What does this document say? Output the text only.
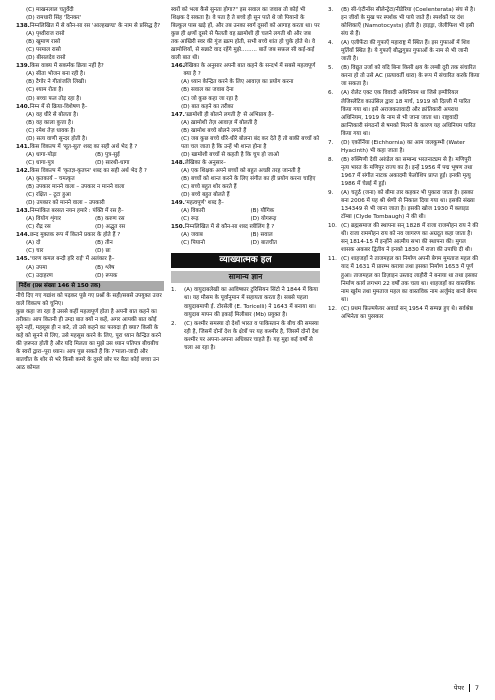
(C) माखनलाल चतुर्वेदी
(D) रामधारी सिंह 'दिनकर'
138. निम्नलिखित में से कौन-सा रस 'आल्हखण्ड' के नाम से प्रसिद्ध है?
(A) पृथ्वीराज रासो
(B) खुमाण रासो
(C) परमाल रासो
(D) बीसलदेव रासो
139. किस वाक्य में सकर्मक क्रिया नहीं है?
(A) सीता भोजन बना रही है।
(B) टैगोर ने गीतांजलि लिखी।
(C) श्याम रोता है।
(D) बच्चा फल तोड़ रहा है।
140. निम्न में से क्रिया-विशेषण है–
(A) वह धीरे से बोलता है।
(B) वह काला कुत्ता है।
(C) रमेश तेज़ धावक है।
(D) सत्य वाणी सुन्दर होती है।
141. किस विकल्प में 'सूत-सुत' शब्द का सही अर्थ भेद है ?
(A) धागा-पोड़ा	(B) पुत्र-सुई
(C) धागा-पुत्र	(D) सारथी-धागा
142. किस विकल्प में 'कृतज्ञ-कृतघ्न' शब्द का सही अर्थ भेद है ?
(A) कृतकार्य – चमत्कृत
(B) उपकार मानने वाला – उपकार न मानने वाला
(C) रक्षित – टूटा हुआ
(D) उपकार को मानने वाला – उपकारी
143. निम्नांकित बरसत नयन हमारे : पंक्ति में रस है–
(A) वियोग शृंगार	(B) करुण रस
(C) रौद्र रस	(D) अद्भुत रस
144. छन्द मुक्तक रूप में कितने प्रकार के होते हैं ?
(A) दो	(B) तीन
(C) चार	(D) छः
145. 'चरण कमल बन्दौ हरि राई' में अलंकार है–
(A) उपमा	(B) श्लेष
(C) उदाहरण	(D) रूपक
निर्देश (प्रश्न संख्या 146 से 150 तक)

नीचे दिए गए गद्यांश को पढ़कर पूछे गए प्रश्नों के सही/सबसे उपयुक्त उत्तर वाले विकल्प को चुनिए।

कुछ कहा जा रहा है उससे कहीं महत्वपूर्ण होता है अपनी बात कहने का तरीका। आप कितनी ही उम्दा बात क्यों न कहें, अगर आपकी बात कोई सुने नहीं, महसूस ही न करे, तो उसे कहने का फायदा ही क्या? किसी के कहे को सुनने से लिए, उसे महसूस करने के लिए, पूरा ध्यान केन्द्रित करने की ज़रूरत होती है और यदि मिलता का मुझे उस ध्यान पतिपत्र बीचबीच के स्वरों द्वारा–पूरा ध्यान। आप पूछ सकते हैं कि ?'माला-जादी और बातचीत के शोर से भरे किसी कमरे के दूसरे छोर पर बैठा कोई बच्चा उन आठ कोमल

स्वरों को भला कैसे सुनता होगा?" इस सवाल का जवाब तो कोई भी शिक्षक दे सकता है। वे पता है ते बच्चे ही सुन पाते थे जो पियानो के बिल्कुल पास खड़े हों, और तब उनका स्वर्ग दूसरों को आगाह करता था। पर कुछ ही क्षणों दूसरे से फैलती वह ख़ामोशी ही चलने लगती थी और जब तक आखिरी स्वर की गूंज ख़त्म होती, सभी बच्चे शांत हो चुके होते थे। वे ख़ामोशियाँ, से सन्नाटे वाद रहेंगे मुझे......... बातें जब सफ़ल सी कई-कई वाली बात थी।

146.
लेखिका के अनुसार अपनी बात कहने के सन्दर्भ में सबसे महत्वपूर्ण क्या है ?
(A) ध्यान केन्द्रित करने के लिए आवाज़ का प्रयोग करना
(B) सवाल का जवाब देना
(C) जो कुछ कहा जा रहा है
(D) बात कहने का तरीका
147. 'ख़ामोशी ही बोलने लगती है' से अभिप्राय है–
(A) ख़ामोशी तेज़ आवाज़ में बोलती है
(B) खामोश बच्चे बोलने लगते हैं
(C) जब कुछ बच्चे धीरे-धीरे बोलना बंद कर देते हैं तो बाकी बच्चों को पता चल जाता है कि उन्हें भी शान्त होना है
(D) खामोशी बच्चों से कहती है कि चुप हो जाओ
148. लेखिका के अनुसार–
(A) एक शिक्षक अपने बच्चों को बहुत अच्छी तरह जानती है
(B) बच्चों को शान्त करने के लिए संगीत का ही प्रयोग करना चाहिए
(C) बच्चे बहुत शोर करते हैं
(D) बच्चे बहुत बोलते हैं
149. 'महत्वपूर्ण' शब्द है–
(A) विकारी	(B) यौगिक
(C) रूढ़	(D) योगरूढ़
150. निम्नलिखित में से कौन-सा शब्द स्त्रीलिंग है ?
(A) जवाब	(B) सवाल
(C) पियानो	(D) बातचीत
व्याख्यात्मक हल
सामान्य ज्ञान
1.	(A) वायुदाबलेखी का आविष्कार टुरिसियन सिंटो ने 1844 में किया था। यह मौसम के पूर्वानुमान में सहायता करता है। सबसे पहला वायुदाबमापी ई. टोरसेली (E. Toricelli) ने 1643 में बनाया था। वायुदाब मापन की इकाई मिलीबार (Mb) प्रयुक्त है।
2.	(C) कश्मीर समस्या दो देशों भारत व पाकिस्तान के बीच की समस्या रही है, जिसमें दोनों देश के क्षेत्रों पर यह कश्मीर है, जिसमें दोनों देश कश्मीर पर अपना-अपना अधिकार चाहते हैं। यह मुद्दा कई वर्षों से चला आ रहा है।
3.	(B) सी-एंटीनॉस सीलेन्ट्रेटा/नीडेरिया (Coelenterata) संघ से है। इन जीवों के मुख पर स्पर्शक भी पाये जाते हैं। स्पर्शकों पर दंश कोशिकाएँ (Namotocysts) होती है। हाइड्रा, जेलीफिश भी इसी संघ से हैं।
4.	(A) एलीफेंटा की गुफाएँ महाराष्ट्र में स्थित हैं। इस गुफाओं में शिव मूर्तियाँ स्थित है। ये गुफाएँ बौद्धगुफ़ा गुफाओं के नाम से भी जानी जाती है।
5.	(B) विद्युत उर्जा को यदि बिना किसी क्षय के लम्बी दूरी तक संचारित करना हो तो उसे AC (प्रत्यावर्ती धारा) के रूप में संचारित करके किया जा सकता है।
6.	(A) रोलेट एक्ट एक विवादी अधिनियम था जिसे इम्पीरियल लेजिस्लेटिव काउंसिल द्वारा 18 मार्च, 1919 को दिल्ली में पारित किया गया था। इसे अराजकतावादी और क्रांतिकारी अपराध अधिनियम, 1919 के नाम से भी जाना जाता था। राष्ट्रवादी क्रान्तिकारी संगठनों से षमको मिलने के कारण यह अधिनियम पारित किया गया था।
7.	(D) एकॉर्निया (Eichhornia) का आम जलकुम्भी (Water Hyacinth) भी कहा जाता है।
8.	(B) रुक्मिणी देवी अरुंडेल का सम्बन्ध भरतनाट्यम से है। मणिपुरी नृत्य भारत के मणिपुर राज्य का है। इन्हें 1956 में पद्म भूषण तथा 1967 में संगीत नाटक अकादमी फेलोशिप प्राप्त हुई। इनकी मृत्यु 1986 में चेन्नई में हुई।
9.	(A) चतुर्ठ (जना) को बीमा तार कहकर भी पुकारा जाता है। इसका बना 2006 में यह श्री श्रेणी से निकाल दिया गया था। इसकी संख्या 134349 से भी जाना जाता है। इसकी खोज 1930 में क्लाइड टॉम्बा (Clyde Tombaugh) ने की थी।
10. (C) ब्रह्मसमाज की स्थापना सन् 1828 में राजा राजमोहन राय ने की थी। राजा राममोहन राय को नव जागरण का अग्रदूत कहा जाता है। सन् 1814-15 में इन्होंने आत्मीय सभा की स्थापना की। मुगल शासक अकबर द्वितीय ने इनको 1830 में राजा की उपाधि दी थी।
11. (C) शाहजहाँ ने ताजमहल का निर्माण अपनी बेगम मुमताज महल की याद में 1631 में प्रारम्भ कराया तथा इसका निर्माण 1653 में पूर्ण हुआ। ताजमहल का डिज़ाइन उस्ताद लाहौरी ने बनाया था तथा इसका निर्माण कार्य लगभग 22 वर्षों तक चला था। शाहजहाँ का वास्तविक नाम खुर्रम तथा मुमताज महल का वास्तविक नाम अर्जुमंद बानो बेगम था।
12. (C) प्रथम फ़िल्मफेयर अवार्ड सन् 1954 में सम्पन्न हुए थे। सर्वश्रेष्ठ अभिनेता का पुरस्कार
पेपर 7
